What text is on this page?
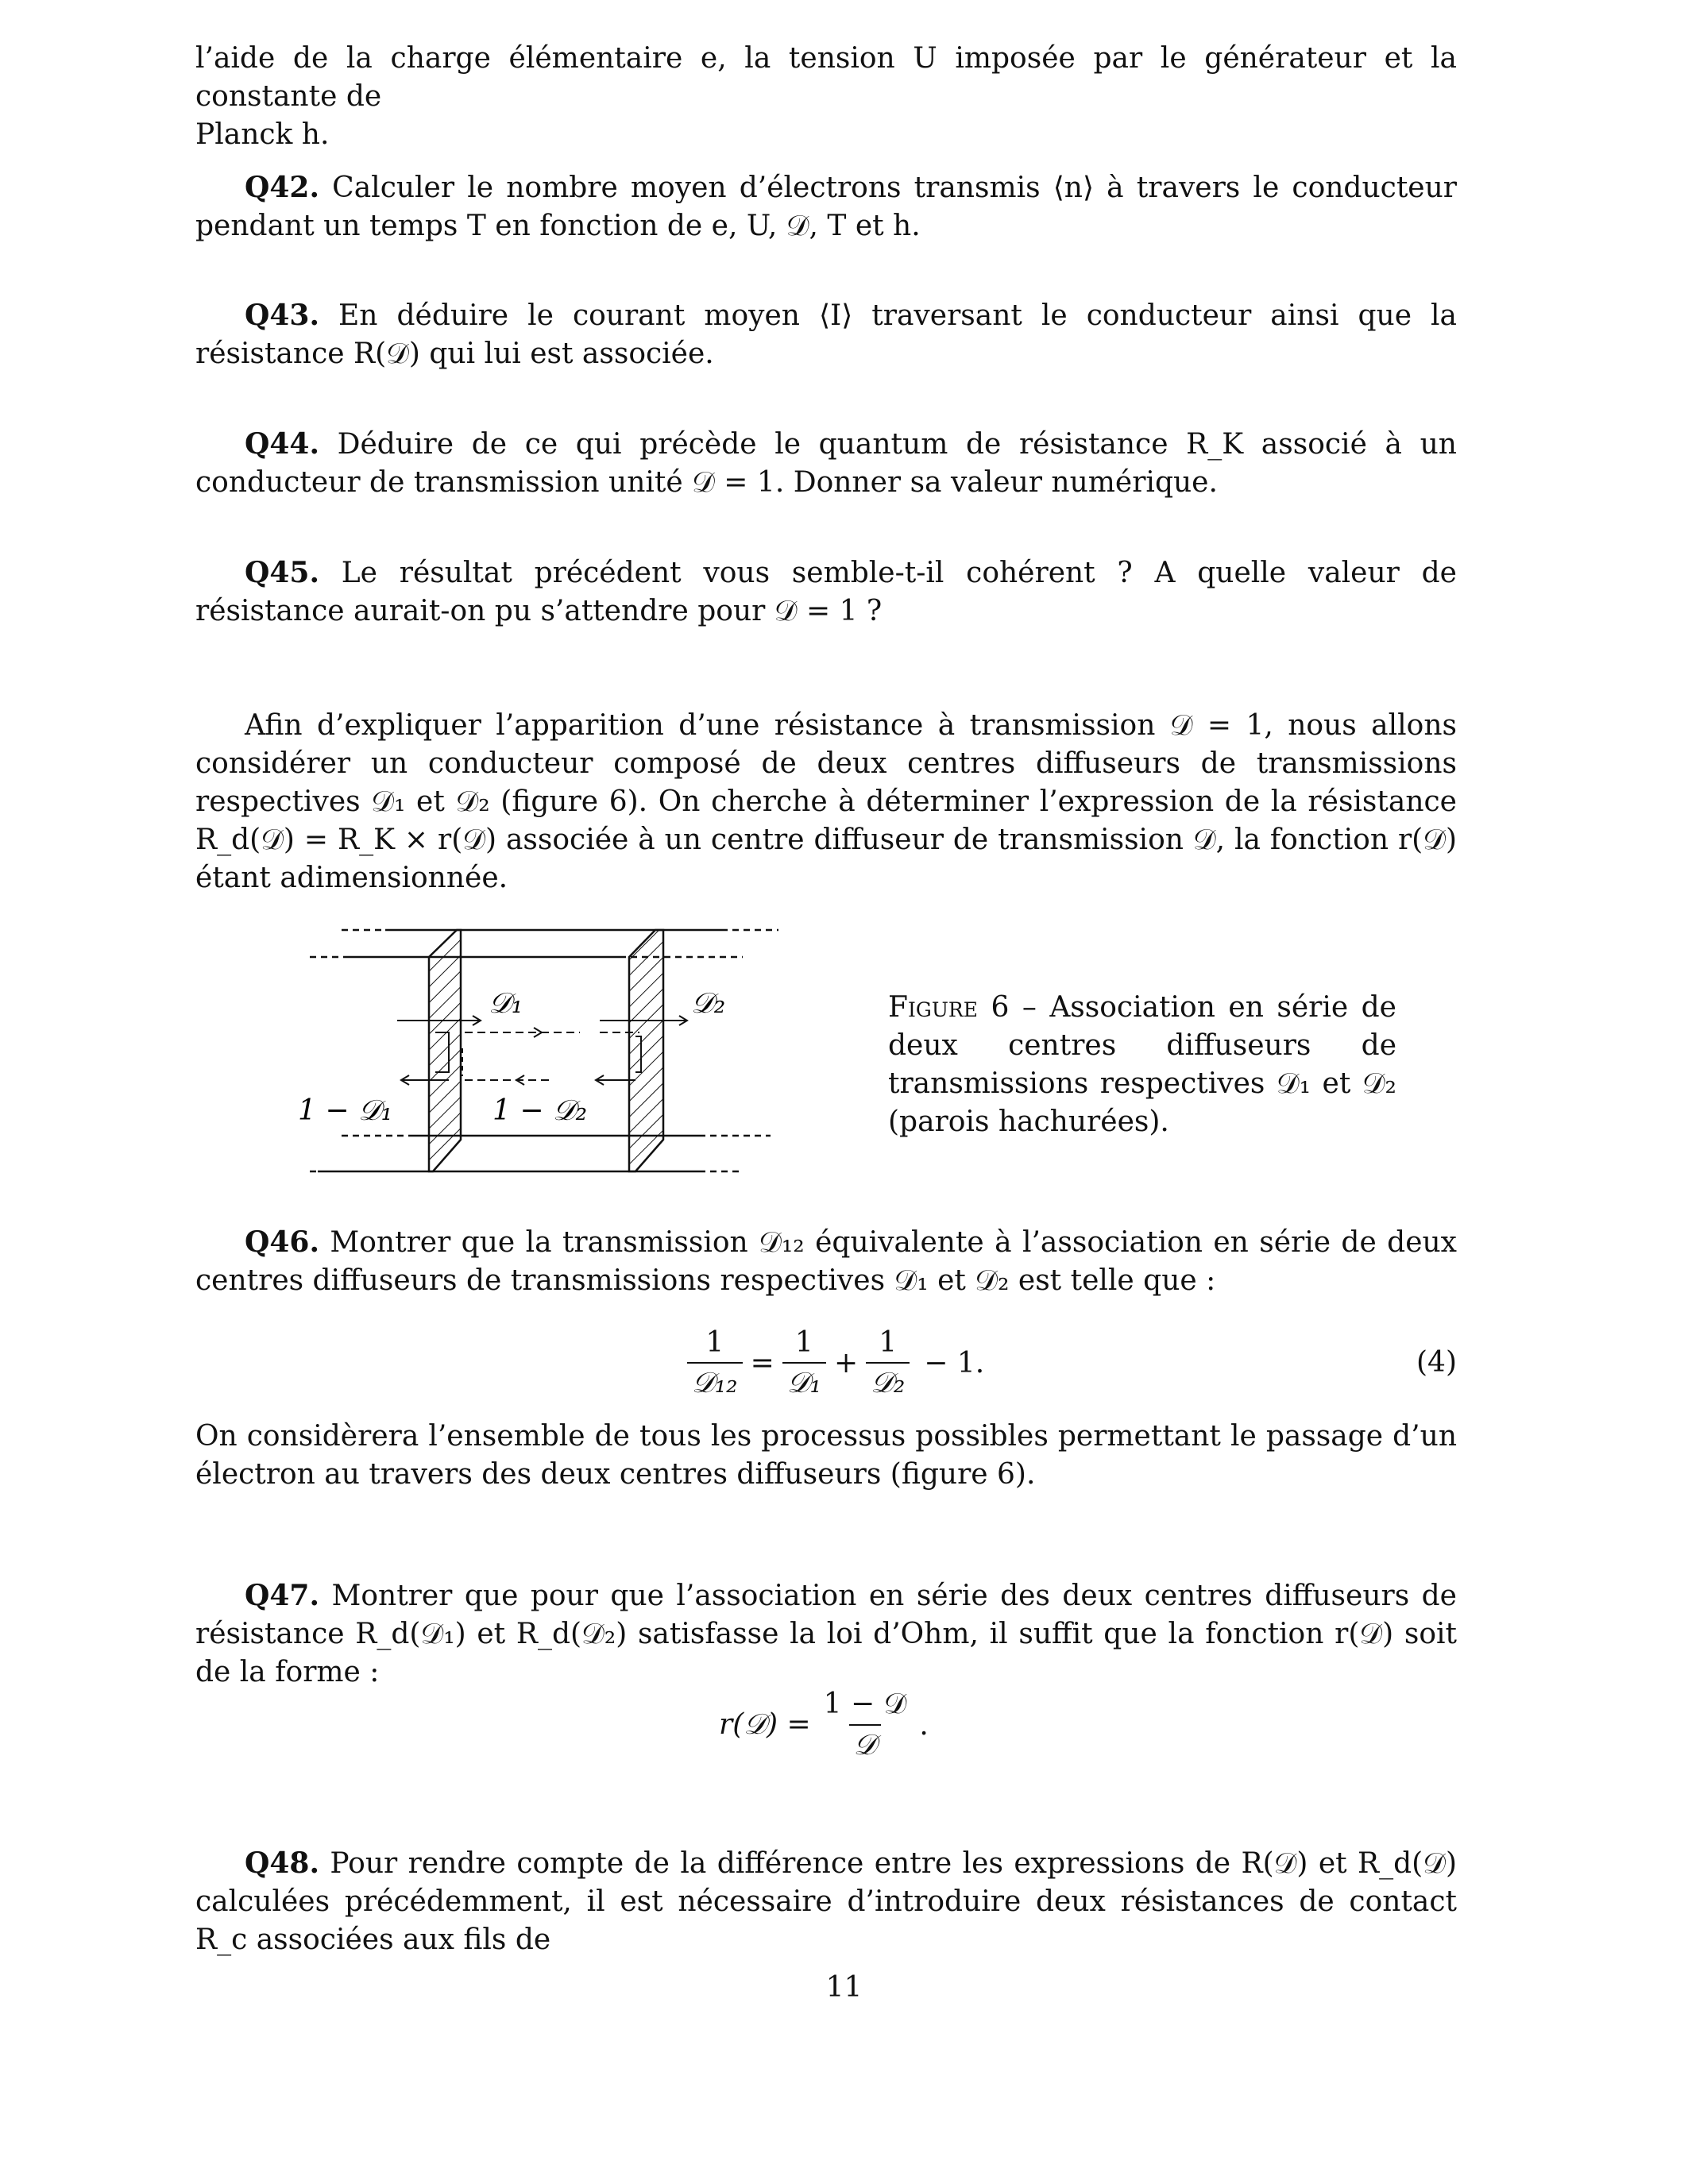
l’aide de la charge élémentaire e, la tension U imposée par le générateur et la constante de
Planck h.
Q42. Calculer le nombre moyen d’électrons transmis ⟨n⟩ à travers le conducteur pendant un temps T en fonction de e, U, 𝒟, T et h.
Q43. En déduire le courant moyen ⟨I⟩ traversant le conducteur ainsi que la résistance R(𝒟) qui lui est associée.
Q44. Déduire de ce qui précède le quantum de résistance R_K associé à un conducteur de transmission unité 𝒟 = 1. Donner sa valeur numérique.
Q45. Le résultat précédent vous semble-t-il cohérent ? A quelle valeur de résistance aurait-on pu s’attendre pour 𝒟 = 1 ?
Afin d’expliquer l’apparition d’une résistance à transmission 𝒟 = 1, nous allons considérer un conducteur composé de deux centres diffuseurs de transmissions respectives 𝒟₁ et 𝒟₂ (figure 6). On cherche à déterminer l’expression de la résistance R_d(𝒟) = R_K × r(𝒟) associée à un centre diffuseur de transmission 𝒟, la fonction r(𝒟) étant adimensionnée.
𝒟₁	𝒟₂
1 − 𝒟₁	1 − 𝒟₂
Figure 6 – Association en série de deux centres diffuseurs de transmissions respectives 𝒟₁ et 𝒟₂ (parois hachurées).
Q46. Montrer que la transmission 𝒟₁₂ équivalente à l’association en série de deux centres diffuseurs de transmissions respectives 𝒟₁ et 𝒟₂ est telle que :
$\frac{1}{\text{𝒟₁₂}} = \frac{1}{\text{𝒟₁}} + \frac{1}{\text{𝒟₂}} - 1$.	(4)
On considèrera l’ensemble de tous les processus possibles permettant le passage d’un électron au travers des deux centres diffuseurs (figure 6).
Q47. Montrer que pour que l’association en série des deux centres diffuseurs de résistance R_d(𝒟₁) et R_d(𝒟₂) satisfasse la loi d’Ohm, il suffit que la fonction r(𝒟) soit de la forme :
r(𝒟) = $\frac{\text{1 − 𝒟}}{\text{𝒟}}$ .
Q48. Pour rendre compte de la différence entre les expressions de R(𝒟) et R_d(𝒟) calculées précédemment, il est nécessaire d’introduire deux résistances de contact R_c associées aux fils de
11
